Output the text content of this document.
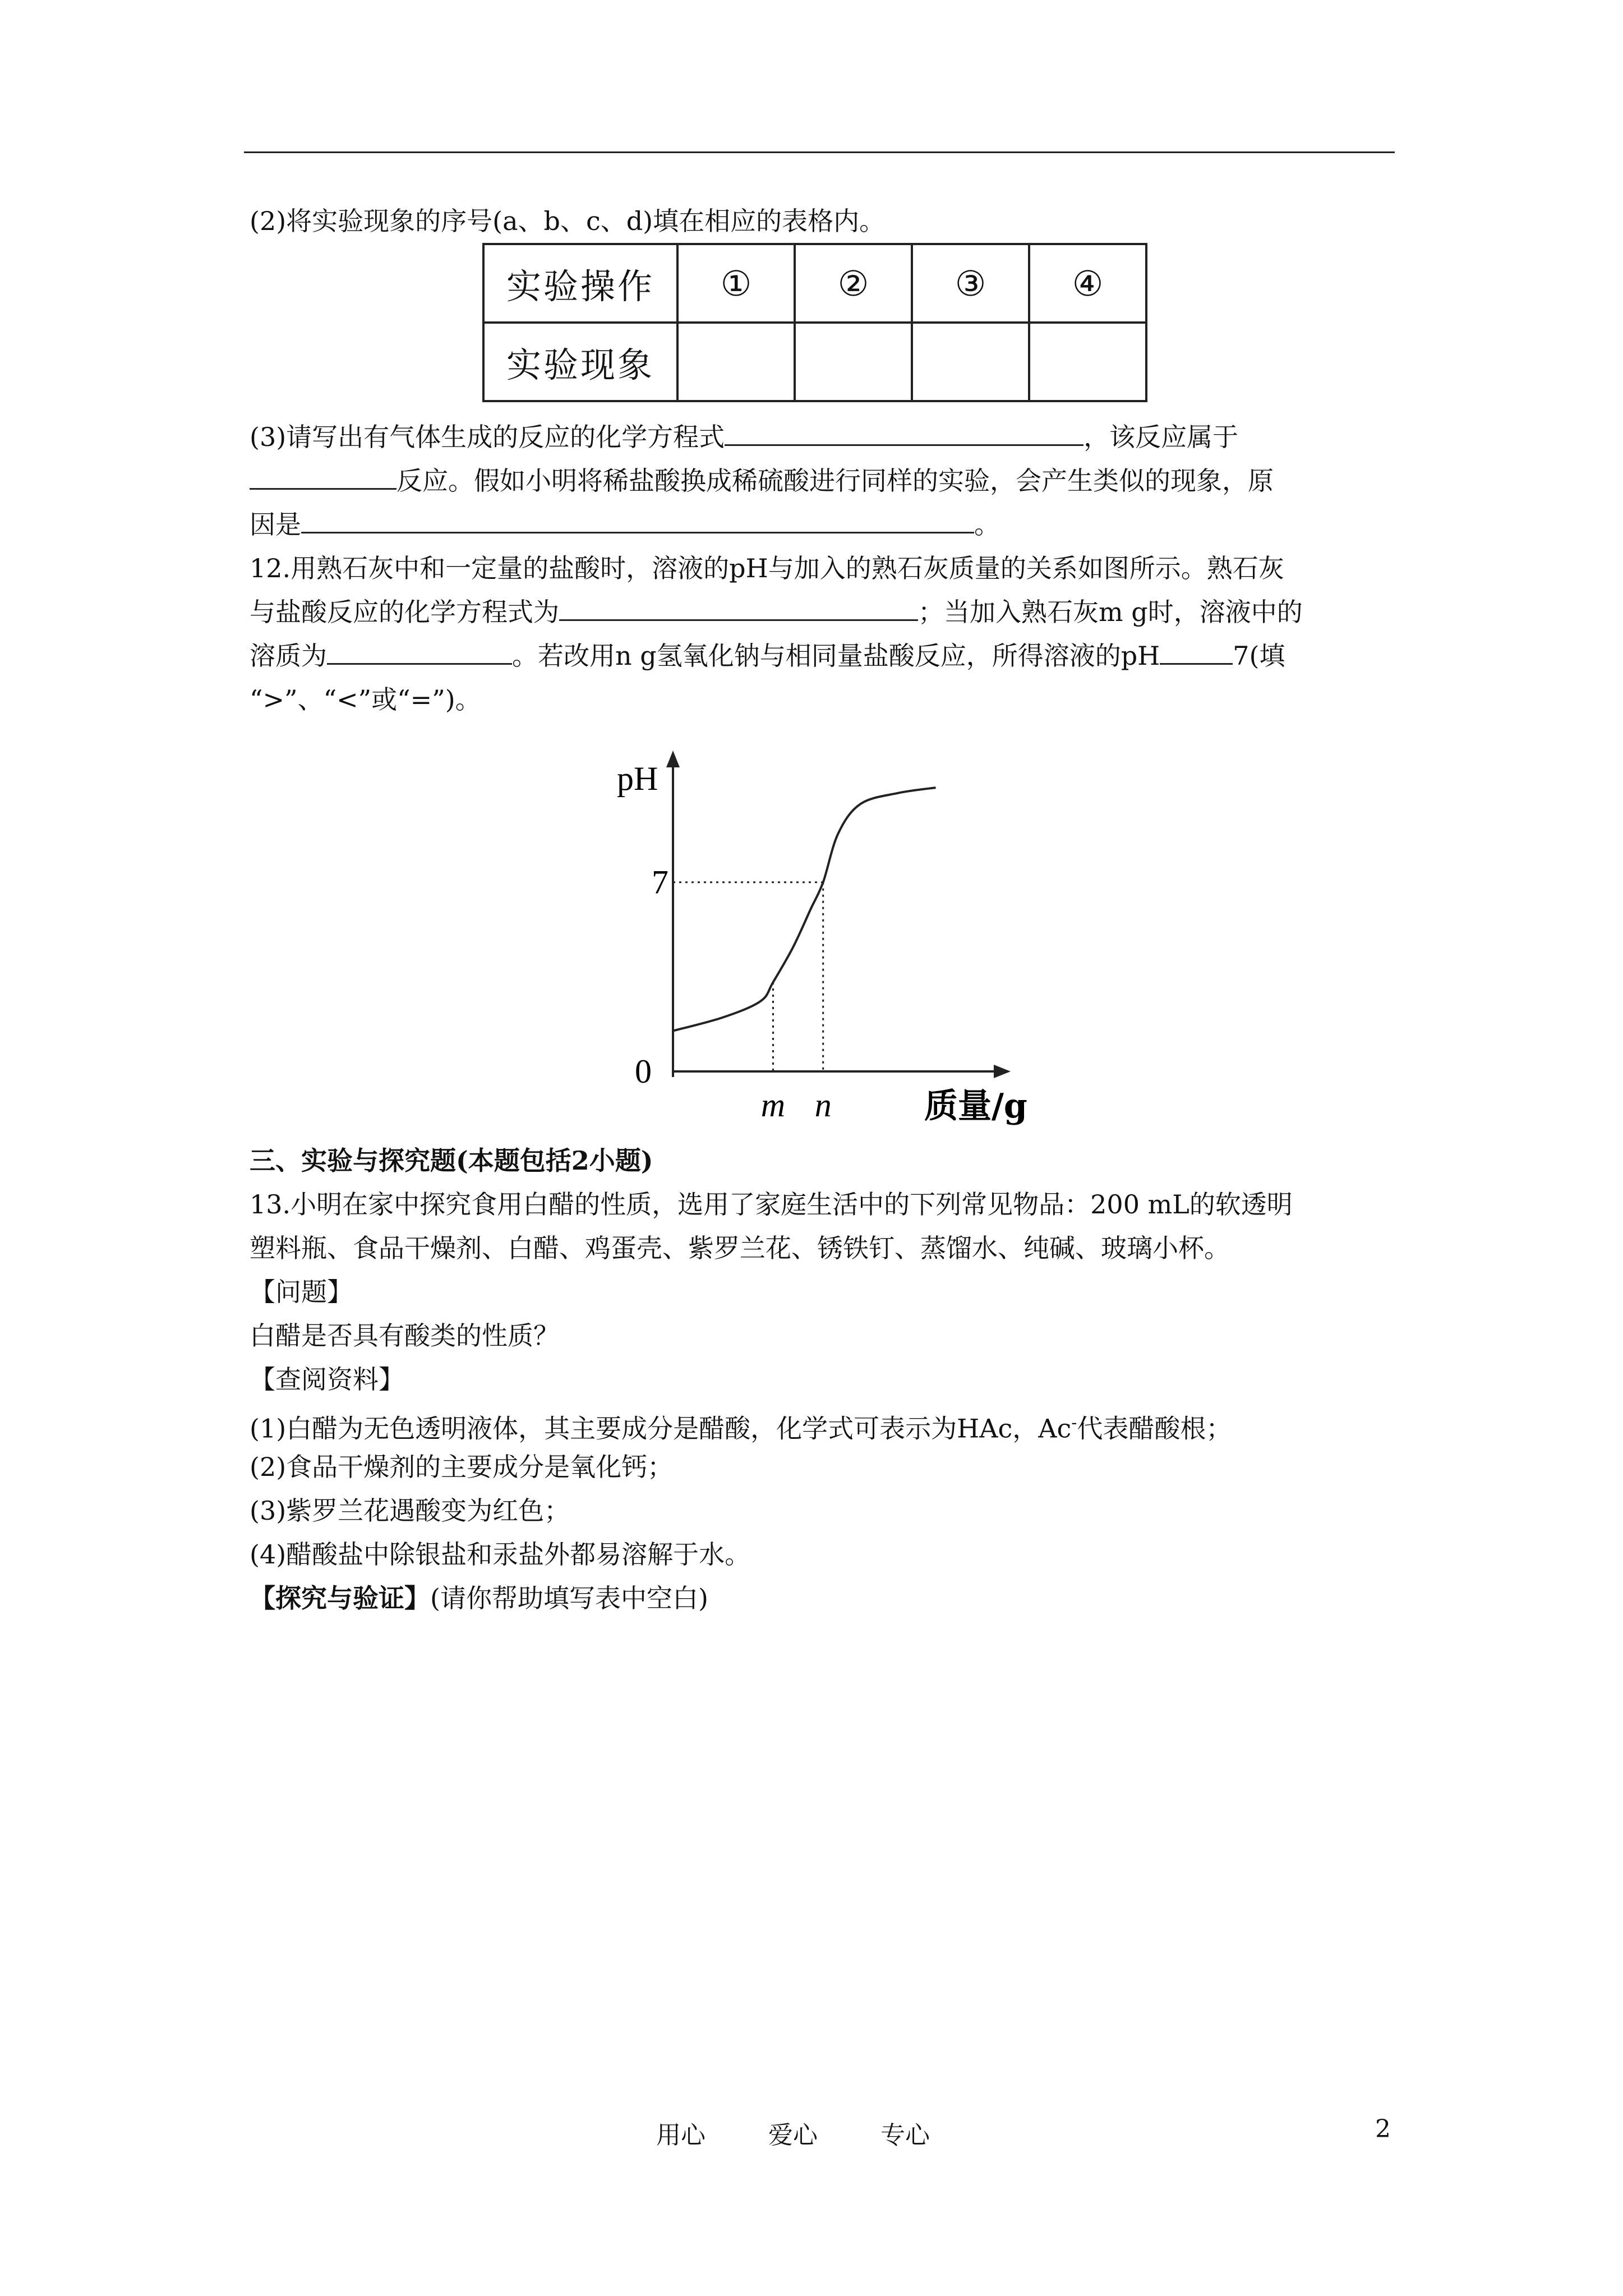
(2)将实验现象的序号(a、b、c、d)填在相应的表格内。
实验操作	①	②	③	④
实验现象				
(3)请写出有气体生成的反应的化学方程式	，该反应属于
反应。假如小明将稀盐酸换成稀硫酸进行同样的实验，会产生类似的现象，原
因是	。
12.用熟石灰中和一定量的盐酸时，溶液的pH与加入的熟石灰质量的关系如图所示。熟石灰
与盐酸反应的化学方程式为	；当加入熟石灰m g时，溶液中的
溶质为	。若改用n g氢氧化钠与相同量盐酸反应，所得溶液的pH	7(填
“>”、“<”或“=”)。
pH
0
7
m n	质量/g
三、实验与探究题(本题包括2小题)
13.小明在家中探究食用白醋的性质，选用了家庭生活中的下列常见物品：200 mL的软透明
塑料瓶、食品干燥剂、白醋、鸡蛋壳、紫罗兰花、锈铁钉、蒸馏水、纯碱、玻璃小杯。
【问题】
白醋是否具有酸类的性质？
【查阅资料】
(1)白醋为无色透明液体，其主要成分是醋酸，化学式可表示为HAc，Ac-代表醋酸根；
(2)食品干燥剂的主要成分是氧化钙；
(3)紫罗兰花遇酸变为红色；
(4)醋酸盐中除银盐和汞盐外都易溶解于水。
【探究与验证】(请你帮助填写表中空白)
用心	爱心	专心	2
